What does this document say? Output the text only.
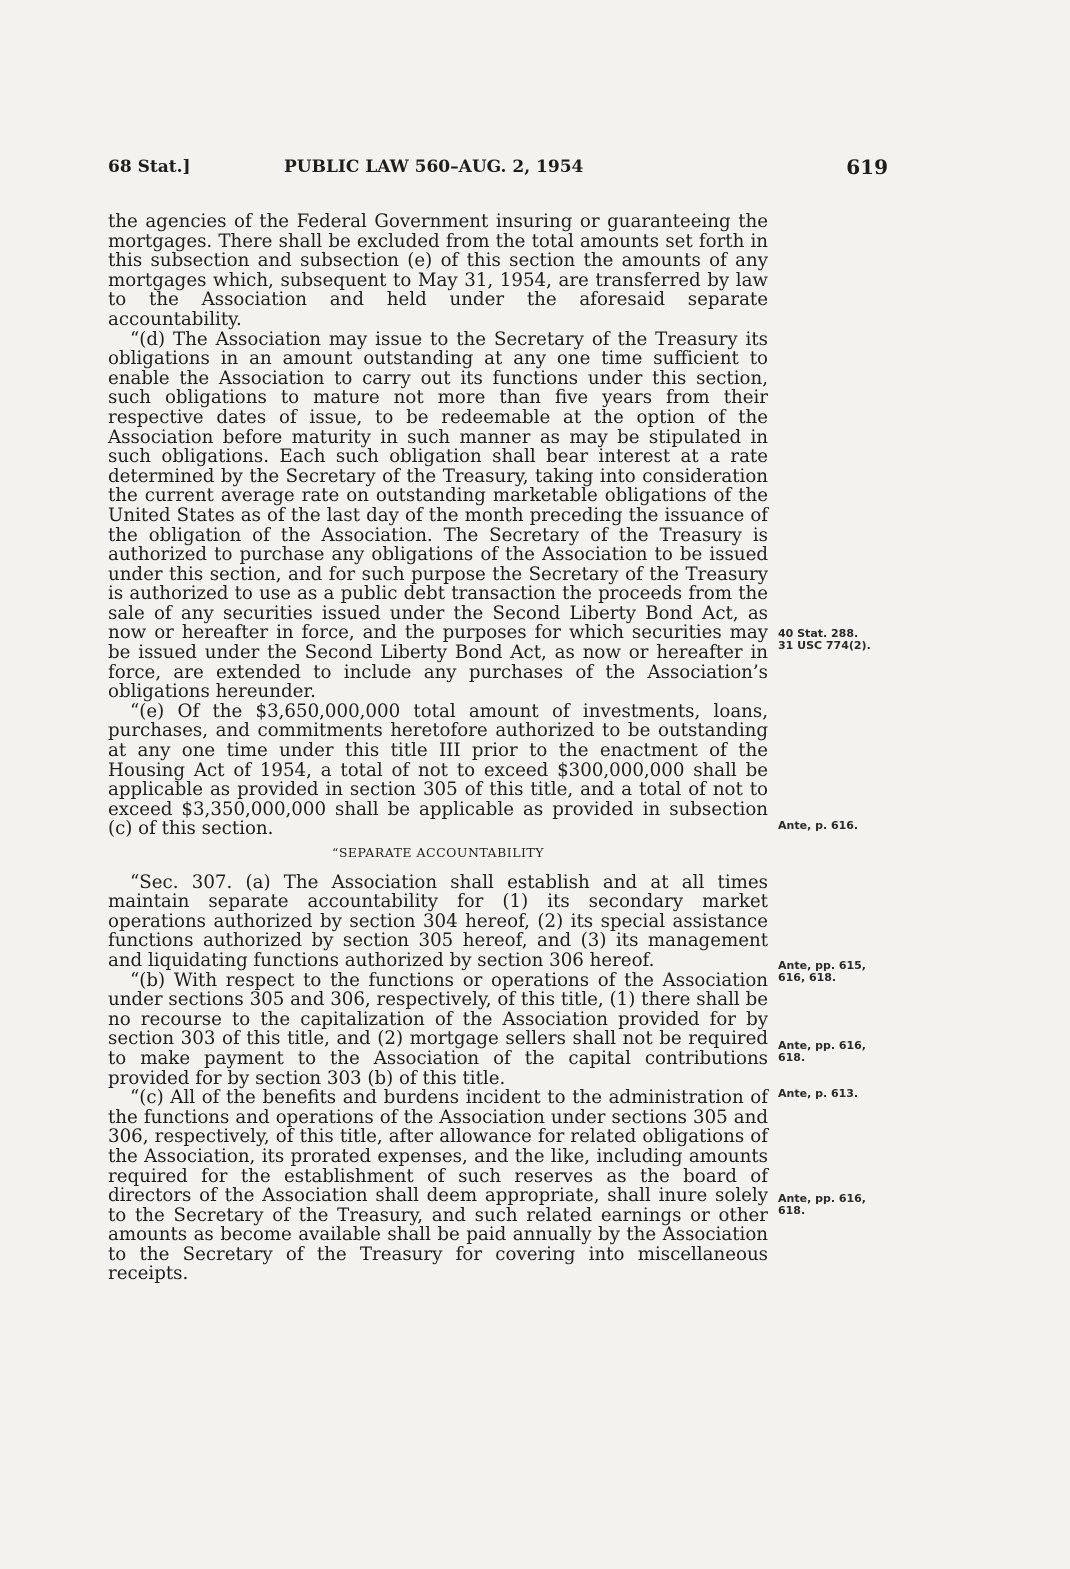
68 Stat.]	PUBLIC LAW 560–AUG. 2, 1954	619

the agencies of the Federal Government insuring or guaranteeing the mortgages. There shall be excluded from the total amounts set forth in this subsection and subsection (e) of this section the amounts of any mortgages which, subsequent to May 31, 1954, are transferred by law to the Association and held under the aforesaid separate accountability.

“(d) The Association may issue to the Secretary of the Treasury its obligations in an amount outstanding at any one time sufficient to enable the Association to carry out its functions under this section, such obligations to mature not more than five years from their respective dates of issue, to be redeemable at the option of the Association before maturity in such manner as may be stipulated in such obligations. Each such obligation shall bear interest at a rate determined by the Secretary of the Treasury, taking into consideration the current average rate on outstanding marketable obligations of the United States as of the last day of the month preceding the issuance of the obligation of the Association. The Secretary of the Treasury is authorized to purchase any obligations of the Association to be issued under this section, and for such purpose the Secretary of the Treasury is authorized to use as a public debt transaction the proceeds from the sale of any securities issued under the Second Liberty Bond Act, as now or hereafter in force, and the purposes for which securities may be issued under the Second Liberty Bond Act, as now or hereafter in force, are extended to include any purchases of the Association’s obligations hereunder.

“(e) Of the $3,650,000,000 total amount of investments, loans, purchases, and commitments heretofore authorized to be outstanding at any one time under this title III prior to the enactment of the Housing Act of 1954, a total of not to exceed $300,000,000 shall be applicable as provided in section 305 of this title, and a total of not to exceed $3,350,000,000 shall be applicable as provided in subsection (c) of this section.

“SEPARATE ACCOUNTABILITY

“Sec. 307. (a) The Association shall establish and at all times maintain separate accountability for (1) its secondary market operations authorized by section 304 hereof, (2) its special assistance functions authorized by section 305 hereof, and (3) its management and liquidating functions authorized by section 306 hereof.

“(b) With respect to the functions or operations of the Association under sections 305 and 306, respectively, of this title, (1) there shall be no recourse to the capitalization of the Association provided for by section 303 of this title, and (2) mortgage sellers shall not be required to make payment to the Association of the capital contributions provided for by section 303 (b) of this title.

“(c) All of the benefits and burdens incident to the administration of the functions and operations of the Association under sections 305 and 306, respectively, of this title, after allowance for related obligations of the Association, its prorated expenses, and the like, including amounts required for the establishment of such reserves as the board of directors of the Association shall deem appropriate, shall inure solely to the Secretary of the Treasury, and such related earnings or other amounts as become available shall be paid annually by the Association to the Secretary of the Treasury for covering into miscellaneous receipts.

40 Stat. 288.
31 USC 774(2).
Ante, p. 616.
Ante, pp. 615,
616, 618.
Ante, pp. 616,
618.
Ante, p. 613.
Ante, pp. 616,
618.
